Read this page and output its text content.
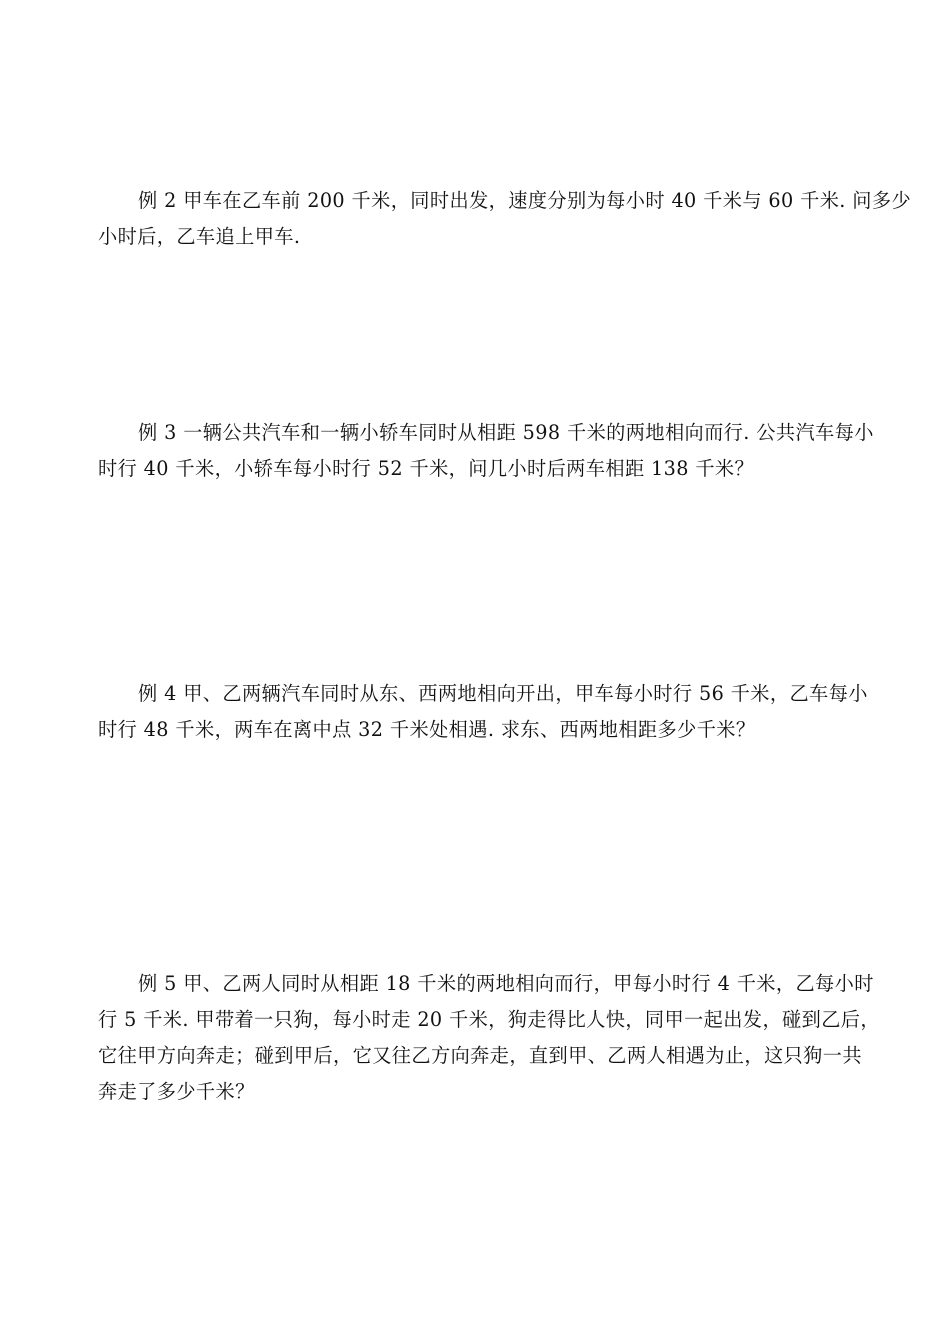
例 2 甲车在乙车前 200 千米，同时出发，速度分别为每小时 40 千米与 60 千米. 问多少
小时后，乙车追上甲车.
例 3 一辆公共汽车和一辆小轿车同时从相距 598 千米的两地相向而行. 公共汽车每小
时行 40 千米，小轿车每小时行 52 千米，问几小时后两车相距 138 千米？
例 4 甲、乙两辆汽车同时从东、西两地相向开出，甲车每小时行 56 千米，乙车每小
时行 48 千米，两车在离中点 32 千米处相遇. 求东、西两地相距多少千米？
例 5 甲、乙两人同时从相距 18 千米的两地相向而行，甲每小时行 4 千米，乙每小时
行 5 千米. 甲带着一只狗，每小时走 20 千米，狗走得比人快，同甲一起出发，碰到乙后，
它往甲方向奔走；碰到甲后，它又往乙方向奔走，直到甲、乙两人相遇为止，这只狗一共
奔走了多少千米？
